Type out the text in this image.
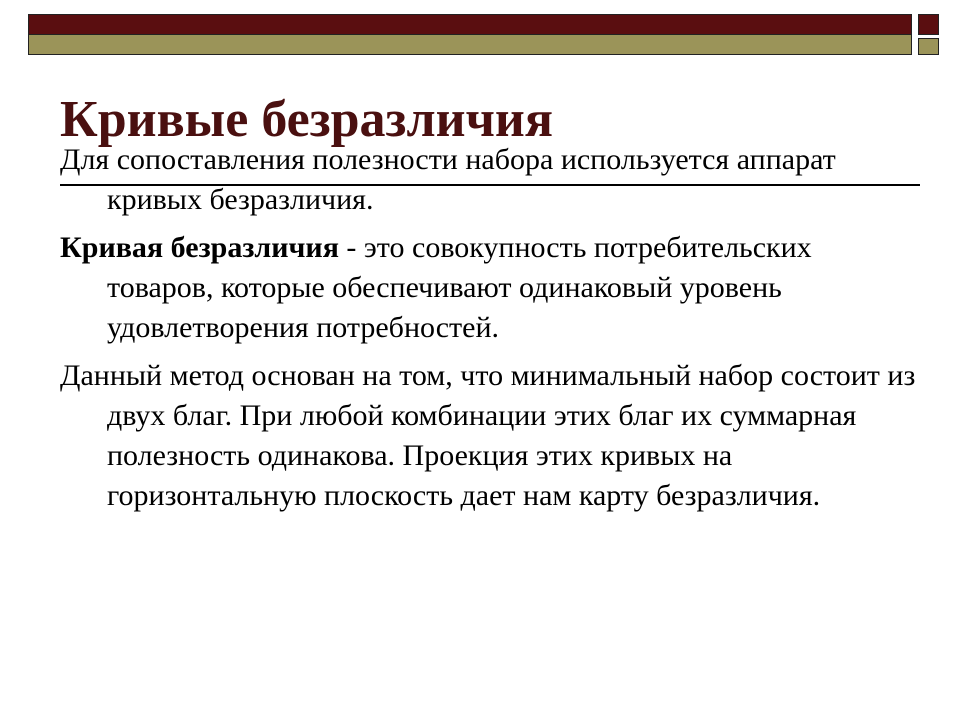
Кривые безразличия

Для сопоставления полезности набора используется аппарат кривых безразличия.

Кривая безразличия - это совокупность потребительских товаров, которые обеспечивают одинаковый уровень удовлетворения потребностей.

Данный метод основан на том, что минимальный набор состоит из двух благ. При любой комбинации этих благ их суммарная полезность одинакова. Проекция этих кривых на горизонтальную плоскость дает нам карту безразличия.
